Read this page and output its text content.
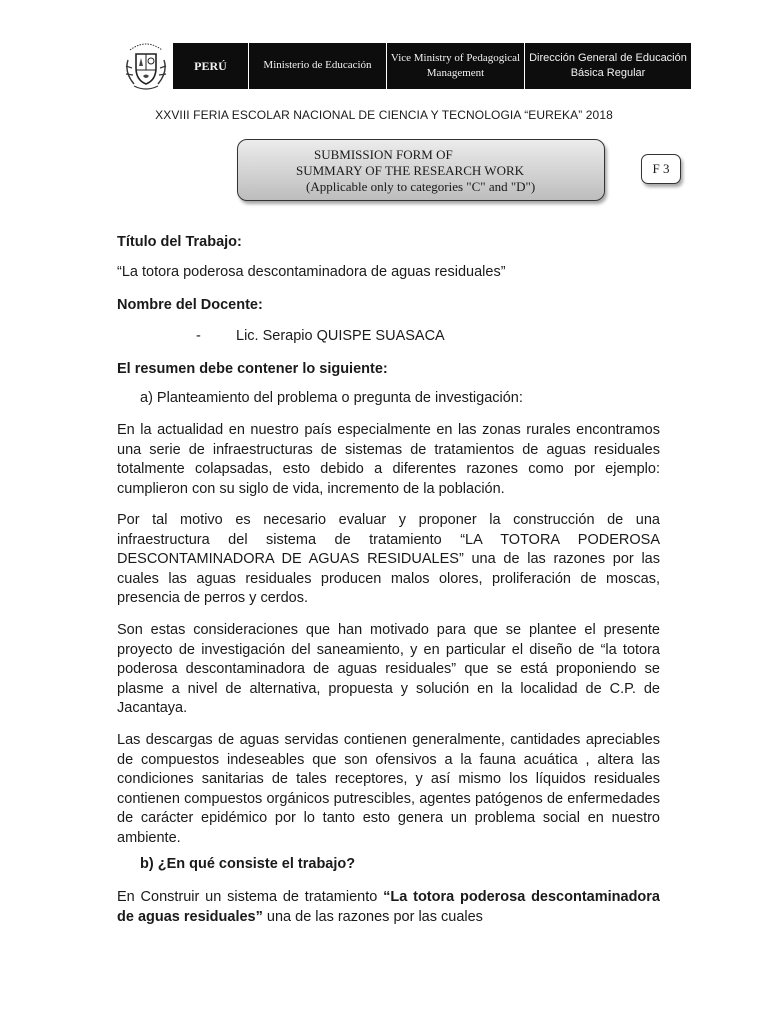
PERÚ	Ministerio de Educación
Vice Ministry of Pedagogical Management
Dirección General de Educación Básica Regular
XXVIII FERIA ESCOLAR NACIONAL DE CIENCIA Y TECNOLOGIA “EUREKA” 2018
SUBMISSION FORM OF
SUMMARY OF THE RESEARCH WORK
(Applicable only to categories "C" and "D")
F 3
Título del Trabajo:
“La totora poderosa descontaminadora de aguas residuales”
Nombre del Docente:
- Lic. Serapio QUISPE SUASACA
El resumen debe contener lo siguiente:
a) Planteamiento del problema o pregunta de investigación:
En la actualidad en nuestro país especialmente en las zonas rurales encontramos una serie de infraestructuras de sistemas de tratamientos de aguas residuales totalmente colapsadas, esto debido a diferentes razones como por ejemplo: cumplieron con su siglo de vida, incremento de la población.
Por tal motivo es necesario evaluar y proponer la construcción de una infraestructura del sistema de tratamiento “LA TOTORA PODEROSA DESCONTAMINADORA DE AGUAS RESIDUALES” una de las razones por las cuales las aguas residuales producen malos olores, proliferación de moscas, presencia de perros y cerdos.
Son estas consideraciones que han motivado para que se plantee el presente proyecto de investigación del saneamiento, y en particular el diseño de “la totora poderosa descontaminadora de aguas residuales” que se está proponiendo se plasme a nivel de alternativa, propuesta y solución en la localidad de C.P. de Jacantaya.
Las descargas de aguas servidas contienen generalmente, cantidades apreciables de compuestos indeseables que son ofensivos a la fauna acuática , altera las condiciones sanitarias de tales receptores, y así mismo los líquidos residuales contienen compuestos orgánicos putrescibles, agentes patógenos de enfermedades de carácter epidémico por lo tanto esto genera un problema social en nuestro ambiente.
b) ¿En qué consiste el trabajo?
En Construir un sistema de tratamiento “La totora poderosa descontaminadora de aguas residuales” una de las razones por las cuales
